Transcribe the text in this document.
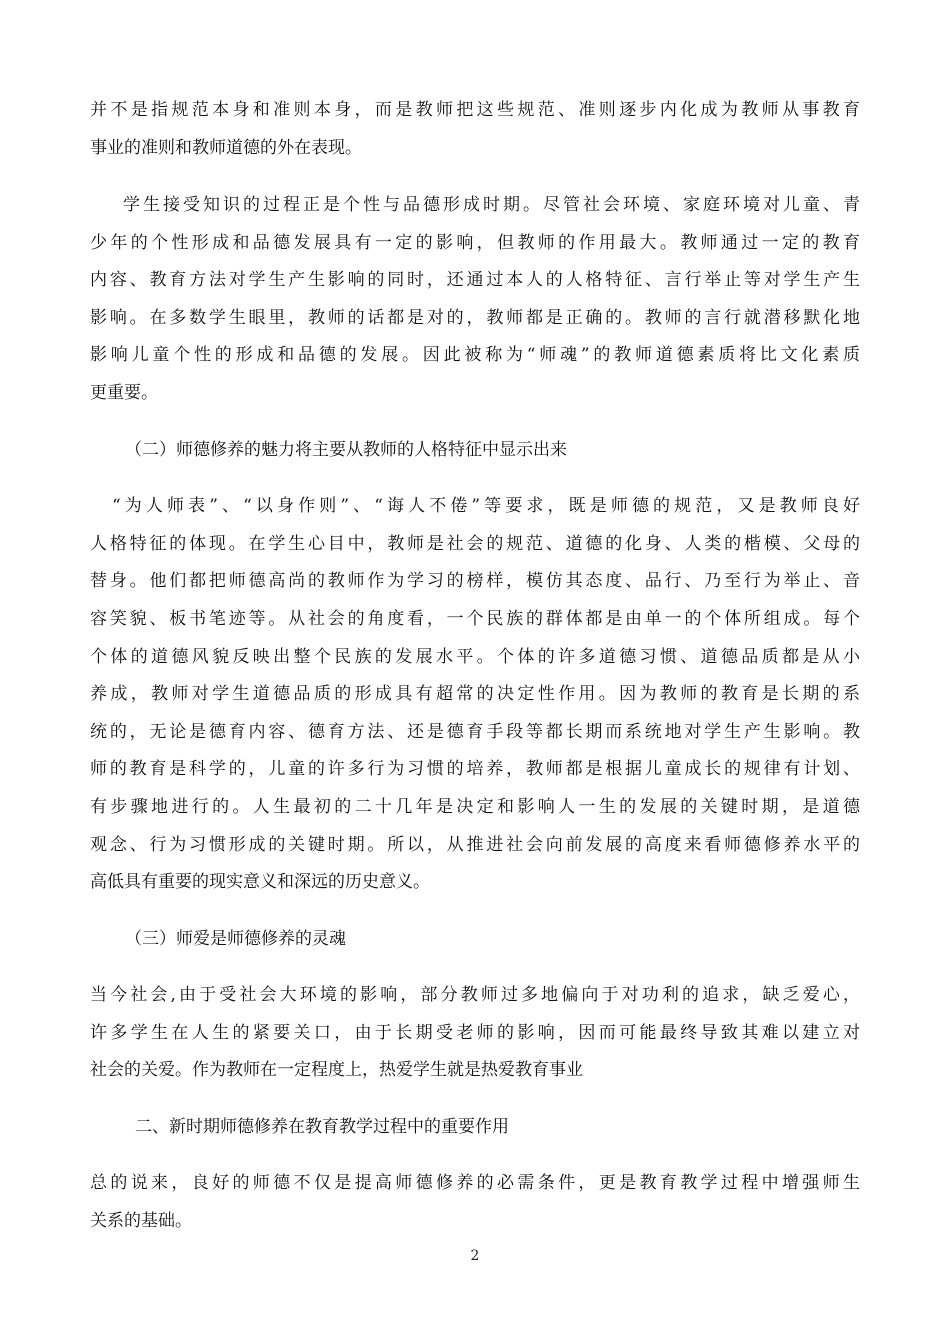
并不是指规范本身和准则本身，而是教师把这些规范、准则逐步内化成为教师从事教育
事业的准则和教师道德的外在表现。
学生接受知识的过程正是个性与品德形成时期。尽管社会环境、家庭环境对儿童、青
少年的个性形成和品德发展具有一定的影响，但教师的作用最大。教师通过一定的教育
内容、教育方法对学生产生影响的同时，还通过本人的人格特征、言行举止等对学生产生
影响。在多数学生眼里，教师的话都是对的，教师都是正确的。教师的言行就潜移默化地
影响儿童个性的形成和品德的发展。因此被称为“师魂”的教师道德素质将比文化素质
更重要。
（二）师德修养的魅力将主要从教师的人格特征中显示出来
“为人师表”、“以身作则”、“诲人不倦”等要求，既是师德的规范，又是教师良好
人格特征的体现。在学生心目中，教师是社会的规范、道德的化身、人类的楷模、父母的
替身。他们都把师德高尚的教师作为学习的榜样，模仿其态度、品行、乃至行为举止、音
容笑貌、板书笔迹等。从社会的角度看，一个民族的群体都是由单一的个体所组成。每个
个体的道德风貌反映出整个民族的发展水平。个体的许多道德习惯、道德品质都是从小
养成，教师对学生道德品质的形成具有超常的决定性作用。因为教师的教育是长期的系
统的，无论是德育内容、德育方法、还是德育手段等都长期而系统地对学生产生影响。教
师的教育是科学的，儿童的许多行为习惯的培养，教师都是根据儿童成长的规律有计划、
有步骤地进行的。人生最初的二十几年是决定和影响人一生的发展的关键时期，是道德
观念、行为习惯形成的关键时期。所以，从推进社会向前发展的高度来看师德修养水平的
高低具有重要的现实意义和深远的历史意义。
（三）师爱是师德修养的灵魂
当今社会,由于受社会大环境的影响，部分教师过多地偏向于对功利的追求，缺乏爱心，
许多学生在人生的紧要关口，由于长期受老师的影响，因而可能最终导致其难以建立对
社会的关爱。作为教师在一定程度上，热爱学生就是热爱教育事业
二、新时期师德修养在教育教学过程中的重要作用
总的说来，良好的师德不仅是提高师德修养的必需条件，更是教育教学过程中增强师生
关系的基础。
2
